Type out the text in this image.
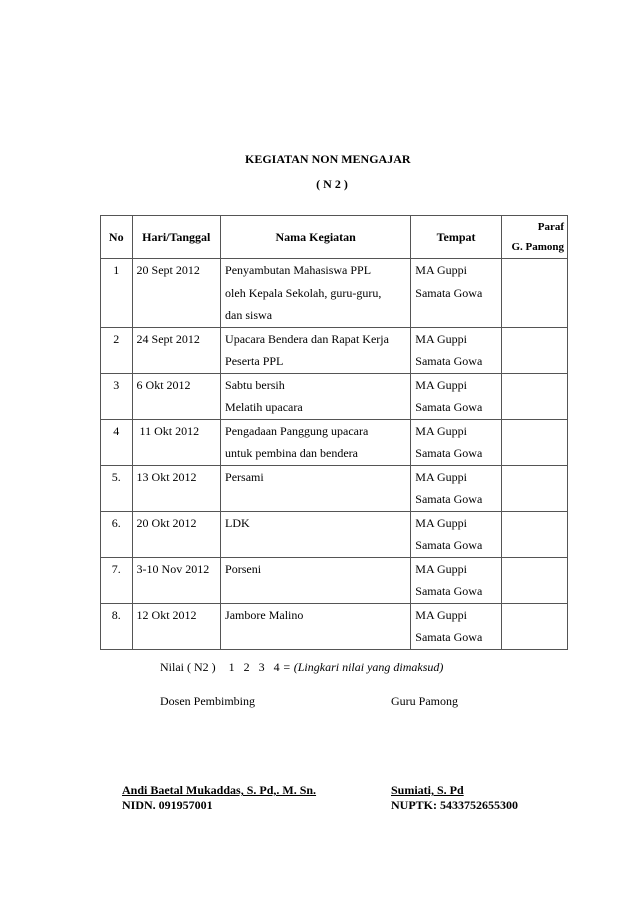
KEGIATAN NON MENGAJAR
( N 2 )
No	Hari/Tanggal	Nama Kegiatan	Tempat	Paraf
G. Pamong

1	20 Sept 2012	Penyambutan Mahasiswa PPL
oleh Kepala Sekolah, guru-guru,
dan siswa	MA Guppi
Samata Gowa	

2	24 Sept 2012	Upacara Bendera dan Rapat Kerja
Peserta PPL	MA Guppi
Samata Gowa	

3	6 Okt 2012	Sabtu bersih
Melatih upacara	MA Guppi
Samata Gowa	

4	11 Okt 2012	Pengadaan Panggung upacara
untuk pembina dan bendera	MA Guppi
Samata Gowa	

5.	13 Okt 2012	Persami	MA Guppi
Samata Gowa	

6.	20 Okt 2012	LDK	MA Guppi
Samata Gowa	

7.	3-10 Nov 2012	Porseni	MA Guppi
Samata Gowa	

8.	12 Okt 2012	Jambore Malino	MA Guppi
Samata Gowa	

Nilai ( N2 ) 1 2 3 4 = (Lingkari nilai yang dimaksud)
Dosen Pembimbing	Guru Pamong
Andi Baetal Mukaddas, S. Pd,. M. Sn.
NIDN. 091957001
Sumiati, S. Pd
NUPTK: 5433752655300
